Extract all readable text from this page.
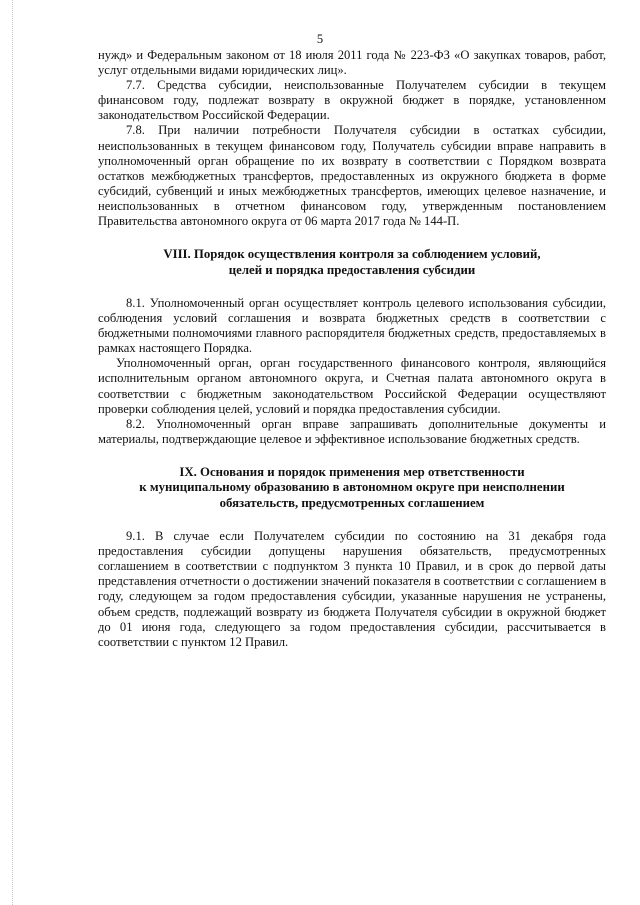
5

нужд» и Федеральным законом от 18 июля 2011 года № 223-ФЗ «О закупках товаров, работ, услуг отдельными видами юридических лиц».

7.7. Средства субсидии, неиспользованные Получателем субсидии в текущем финансовом году, подлежат возврату в окружной бюджет в порядке, установленном законодательством Российской Федерации.

7.8. При наличии потребности Получателя субсидии в остатках субсидии, неиспользованных в текущем финансовом году, Получатель субсидии вправе направить в уполномоченный орган обращение по их возврату в соответствии с Порядком возврата остатков межбюджетных трансфертов, предоставленных из окружного бюджета в форме субсидий, субвенций и иных межбюджетных трансфертов, имеющих целевое назначение, и неиспользованных в отчетном финансовом году, утвержденным постановлением Правительства автономного округа от 06 марта 2017 года № 144-П.

VIII. Порядок осуществления контроля за соблюдением условий,
целей и порядка предоставления субсидии

8.1. Уполномоченный орган осуществляет контроль целевого использования субсидии, соблюдения условий соглашения и возврата бюджетных средств в соответствии с бюджетными полномочиями главного распорядителя бюджетных средств, предоставляемых в рамках настоящего Порядка.

Уполномоченный орган, орган государственного финансового контроля, являющийся исполнительным органом автономного округа, и Счетная палата автономного округа в соответствии с бюджетным законодательством Российской Федерации осуществляют проверки соблюдения целей, условий и порядка предоставления субсидии.

8.2. Уполномоченный орган вправе запрашивать дополнительные документы и материалы, подтверждающие целевое и эффективное использование бюджетных средств.

IX. Основания и порядок применения мер ответственности
к муниципальному образованию в автономном округе при неисполнении
обязательств, предусмотренных соглашением

9.1. В случае если Получателем субсидии по состоянию на 31 декабря года предоставления субсидии допущены нарушения обязательств, предусмотренных соглашением в соответствии с подпунктом 3 пункта 10 Правил, и в срок до первой даты представления отчетности о достижении значений показателя в соответствии с соглашением в году, следующем за годом предоставления субсидии, указанные нарушения не устранены, объем средств, подлежащий возврату из бюджета Получателя субсидии в окружной бюджет до 01 июня года, следующего за годом предоставления субсидии, рассчитывается в соответствии с пунктом 12 Правил.
